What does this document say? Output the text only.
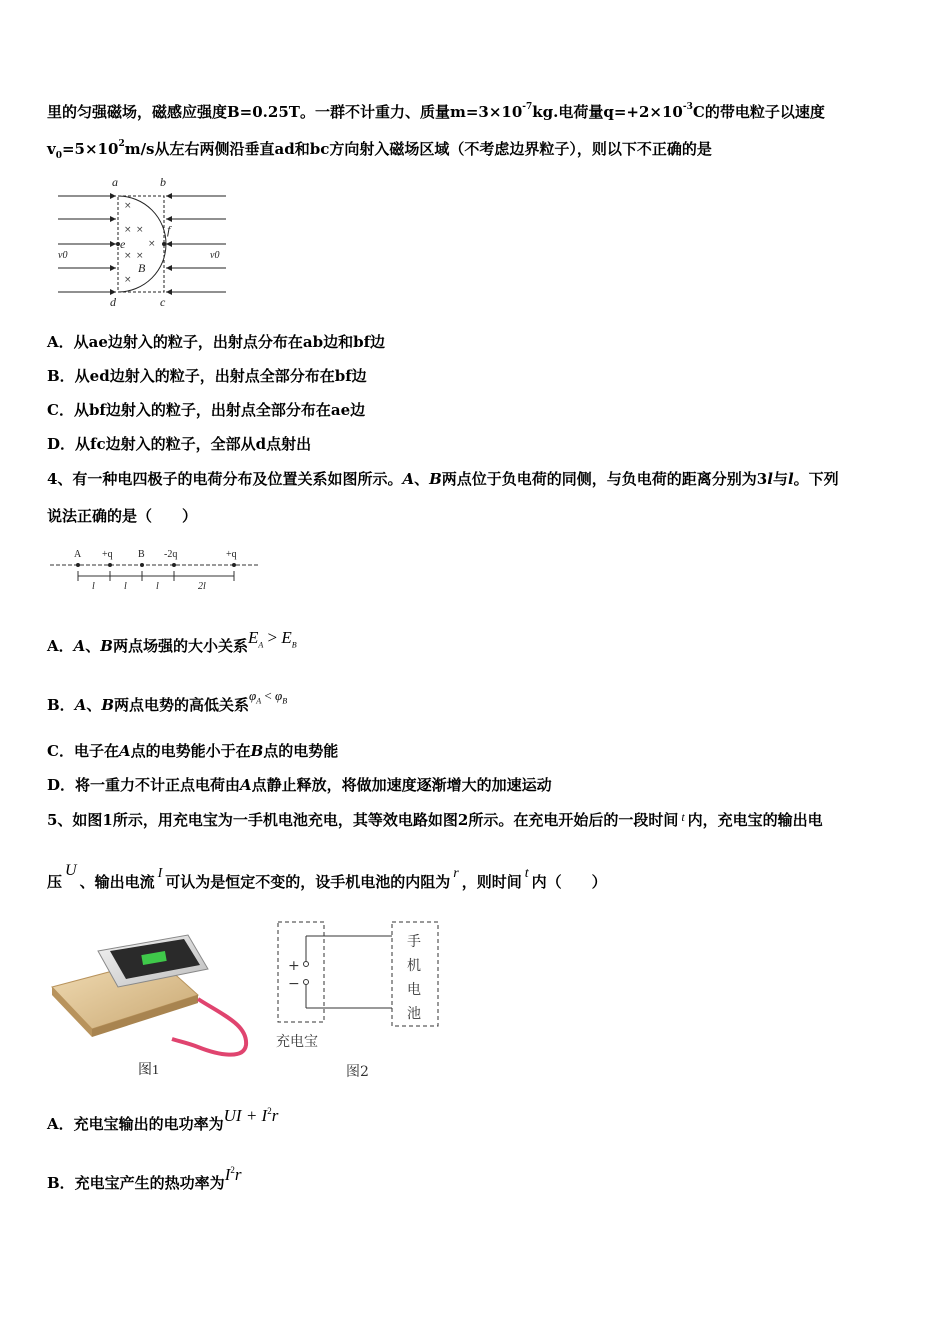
里的匀强磁场，磁感应强度B=0.25T。一群不计重力、质量$m=3\times 10^{-7}kg$.电荷量$q=+2\times 10^{-3}C$的带电粒子以速度
$v_0=5\times 10^2m/s$从左右两侧沿垂直ad和bc方向射入磁场区域（不考虑边界粒子），则以下不正确的是
a	b
c
d
e
f
B
v0	v0
×
×
×
×
×
×
×
A．从ae边射入的粒子，出射点分布在ab边和bf边
B．从ed边射入的粒子，出射点全部分布在bf边
C．从bf边射入的粒子，出射点全部分布在ae边
D．从fc边射入的粒子，全部从d点射出
4、有一种电四极子的电荷分布及位置关系如图所示。A、B两点位于负电荷的同侧，与负电荷的距离分别为3l与l。下列
说法正确的是（　　）
A +q	B -2q	+q
l	l	l	2l
A．A、B两点场强的大小关系$E_A > E_B$
B．A、B两点电势的高低关系$\varphi_A < \varphi_B$
C．电子在A点的电势能小于在B点的电势能
D．将一重力不计正点电荷由A点静止释放，将做加速度逐渐增大的加速运动
5、如图1所示，用充电宝为一手机电池充电，其等效电路如图2所示。在充电开始后的一段时间 $^t$ 内，充电宝的输出电
压U、输出电流 I 可认为是恒定不变的，设手机电池的内阻为 r ，则时间 t 内（　　）
图1
+
−
手
机
电
池
充电宝
图2
A．充电宝输出的电功率为UI + $I^2r$
B．充电宝产生的热功率为$I^2r$
